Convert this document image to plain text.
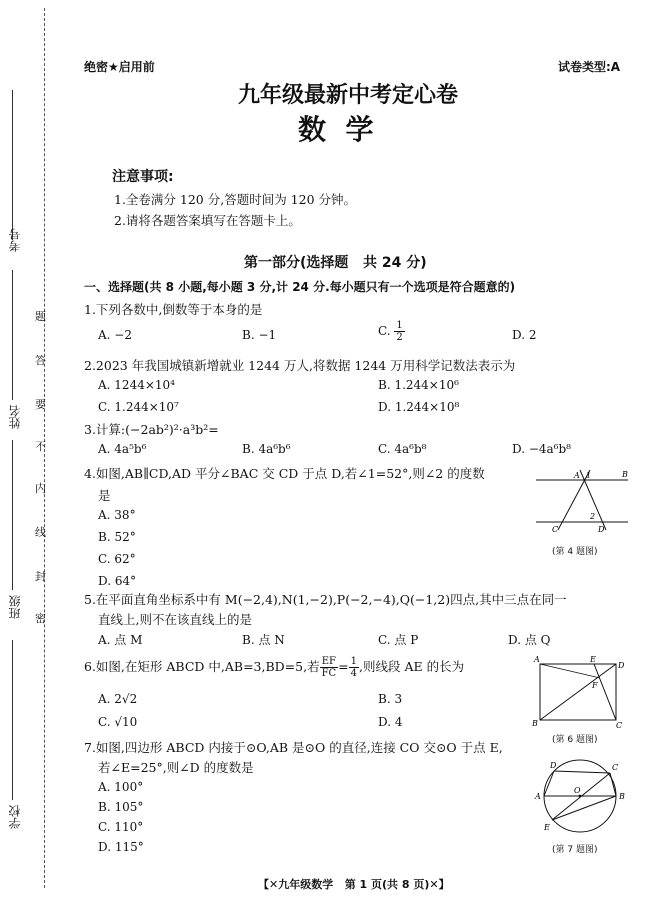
考号
姓名
班级
学校
题
答
要
不
内
线
封
密
绝密★启用前	试卷类型:A
九年级最新中考定心卷
数  学
注意事项:
1.全卷满分 120 分,答题时间为 120 分钟。
2.请将各题答案填写在答题卡上。
第一部分(选择题   共 24 分)
一、选择题(共 8 小题,每小题 3 分,计 24 分.每小题只有一个选项是符合题意的)
1.下列各数中,倒数等于本身的是
A. −2	B. −1	C. $\frac{1}{2}$	D. 2
2.2023 年我国城镇新增就业 1244 万人,将数据 1244 万用科学记数法表示为
A. 1244×10⁴	B. 1.244×10⁶
C. 1.244×10⁷	D. 1.244×10⁸
3.计算:(−2ab²)²·a³b²=
A. 4a⁵b⁶	B. 4a⁶b⁶	C. 4a⁶b⁸	D. −4a⁶b⁸
4.如图,AB∥CD,AD 平分∠BAC 交 CD 于点 D,若∠1=52°,则∠2 的度数
是
A. 38°
B. 52°
C. 62°
D. 64°
A 1	B
C	D
2
(第 4 题图)
5.在平面直角坐标系中有 M(−2,4),N(1,−2),P(−2,−4),Q(−1,2)四点,其中三点在同一
直线上,则不在该直线上的是
A. 点 M	B. 点 N	C. 点 P	D. 点 Q
6.如图,在矩形 ABCD 中,AB=3,BD=5,若 $\frac{EF}{FC} = \frac{1}{4}$ ,则线段 AE 的长为
A. 2√2	B. 3
C. √10	D. 4
A	E
D
F
B	C
(第 6 题图)
7.如图,四边形 ABCD 内接于⊙O,AB 是⊙O 的直径,连接 CO 交⊙O 于点 E,
若∠E=25°,则∠D 的度数是
A. 100°
B. 105°
C. 110°
D. 115°
D	C
A	B
O
E
(第 7 题图)
【✕九年级数学   第 1 页(共 8 页)✕】
